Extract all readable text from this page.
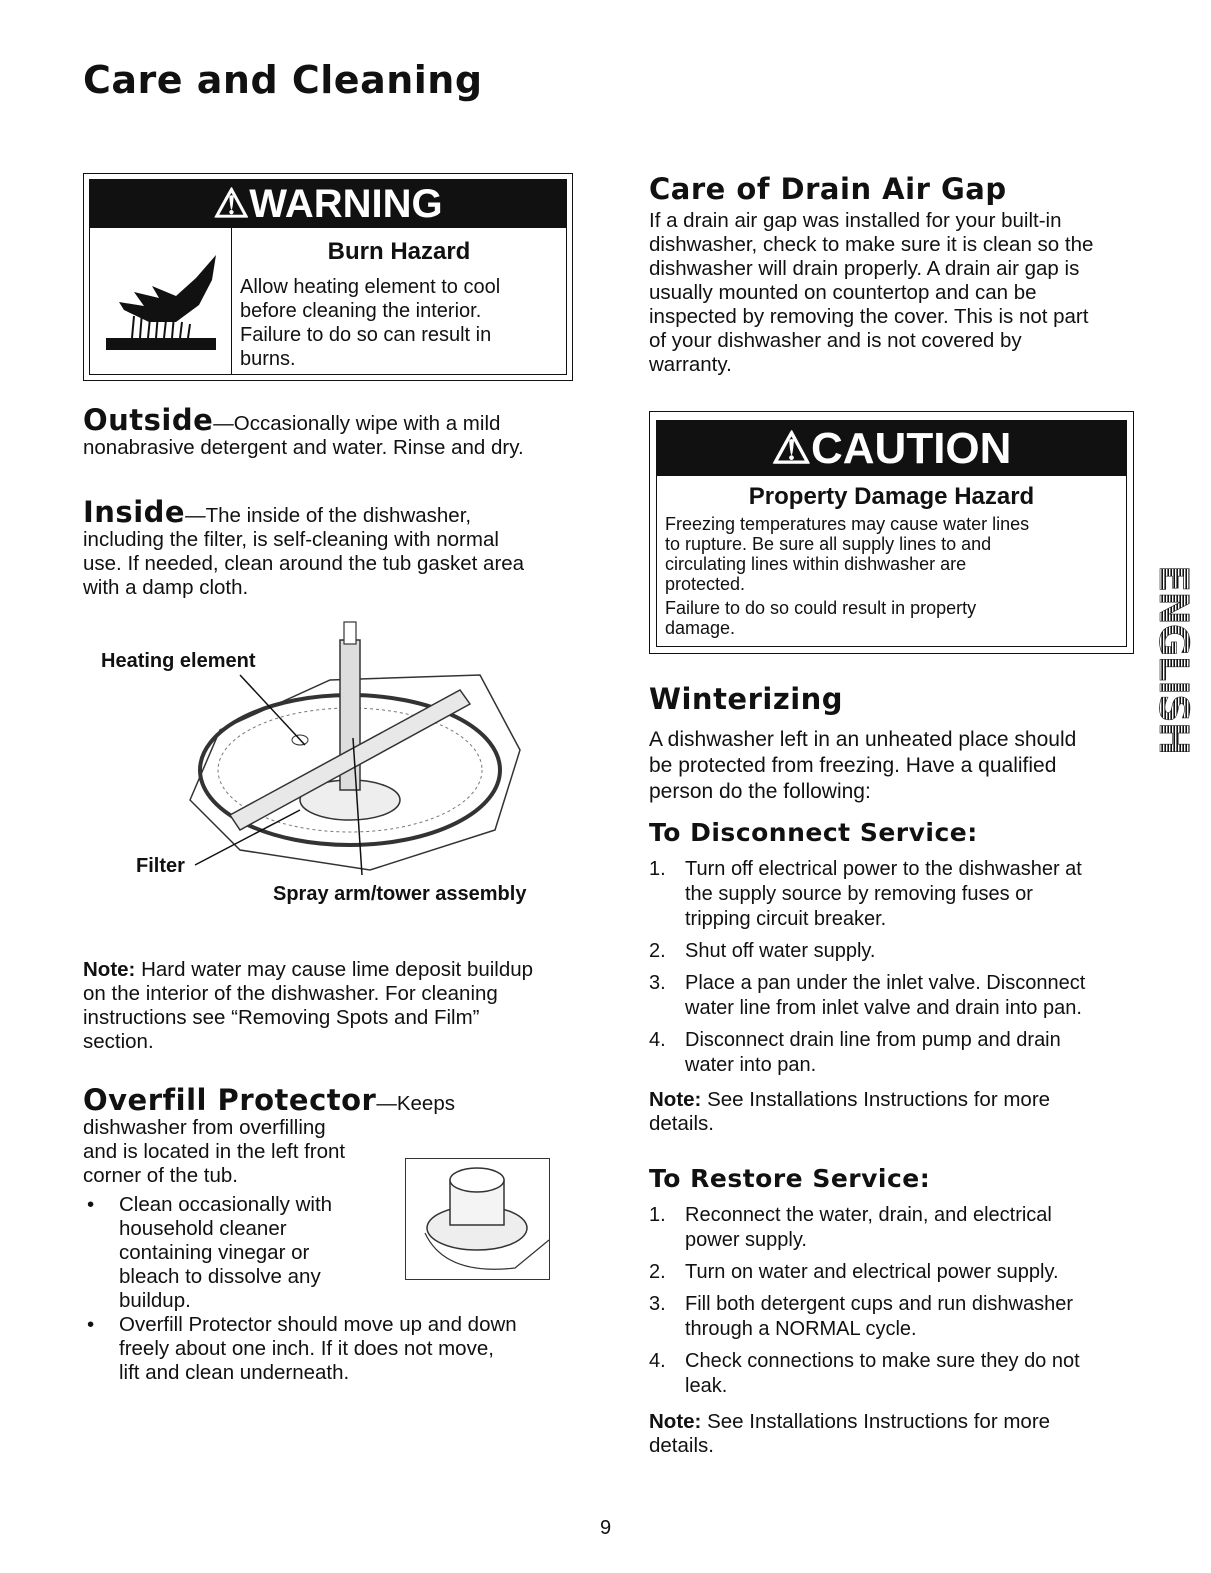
Care and Cleaning
⚠WARNING
Burn Hazard
Allow heating element to cool
before cleaning the interior.
Failure to do so can result in
burns.
Outside—Occasionally wipe with a mild
nonabrasive detergent and water. Rinse and dry.
Inside—The inside of the dishwasher,
including the filter, is self-cleaning with normal
use. If needed, clean around the tub gasket area
with a damp cloth.
Heating element
Filter
Spray arm/tower assembly
Note: Hard water may cause lime deposit buildup
on the interior of the dishwasher. For cleaning
instructions see “Removing Spots and Film”
section.
Overfill Protector—Keeps
dishwasher from overfilling
and is located in the left front
corner of the tub.
• Clean occasionally with
household cleaner
containing vinegar or
bleach to dissolve any
buildup.
• Overfill Protector should move up and down
freely about one inch. If it does not move,
lift and clean underneath.
Care of Drain Air Gap
If a drain air gap was installed for your built-in
dishwasher, check to make sure it is clean so the
dishwasher will drain properly. A drain air gap is
usually mounted on countertop and can be
inspected by removing the cover. This is not part
of your dishwasher and is not covered by
warranty.
⚠CAUTION
Property Damage Hazard
Freezing temperatures may cause water lines
to rupture. Be sure all supply lines to and
circulating lines within dishwasher are
protected.
Failure to do so could result in property
damage.
Winterizing
A dishwasher left in an unheated place should
be protected from freezing. Have a qualified
person do the following:
To Disconnect Service:
1. Turn off electrical power to the dishwasher at
the supply source by removing fuses or
tripping circuit breaker.
2. Shut off water supply.
3. Place a pan under the inlet valve. Disconnect
water line from inlet valve and drain into pan.
4. Disconnect drain line from pump and drain
water into pan.
Note: See Installations Instructions for more
details.
To Restore Service:
1. Reconnect the water, drain, and electrical
power supply.
2. Turn on water and electrical power supply.
3. Fill both detergent cups and run dishwasher
through a NORMAL cycle.
4. Check connections to make sure they do not
leak.
Note: See Installations Instructions for more
details.
ENGLISH
9
